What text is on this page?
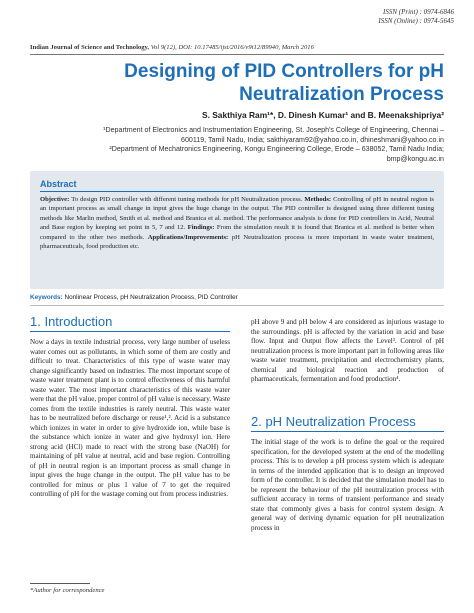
ISSN (Print) : 0974-6846
ISSN (Online) : 0974-5645
Indian Journal of Science and Technology, Vol 9(12), DOI: 10.17485/ijst/2016/v9i12/89940, March 2016
Designing of PID Controllers for pH
Neutralization Process
S. Sakthiya Ram¹*, D. Dinesh Kumar¹ and B. Meenakshipriya²

¹Department of Electronics and Instrumentation Engineering, St. Joseph's College of Engineering, Chennai – 600119, Tamil Nadu, India; sakthiyaram92@yahoo.co.in, dhineshmani@yahoo.co.in

²Department of Mechatronics Engineering, Kongu Engineering College, Erode – 638052, Tamil Nadu India; bmp@kongu.ac.in

Abstract
Objective: To design PID controller with different tuning methods for pH Neutralization process. Methods: Controlling of pH in neutral region is an important process as small change in input gives the huge change in the output. The PID controller is designed using three different tuning methods like Marlin method, Smith et al. method and Branica et al. method. The performance analysis is done for PID controllers in Acid, Neutral and Base region by keeping set point in 5, 7 and 12. Findings: From the simulation result it is found that Branica et al. method is better when compared to the other two methods. Applications/Improvements: pH Neutralization process is more important in waste water treatment, pharmaceuticals, food production etc.
Keywords: Nonlinear Process, pH Neutralization Process, PID Controller
1. Introduction

Now a days in textile industrial process, very large number of useless water comes out as pollutants, in which some of them are costly and difficult to treat. Characteristics of this type of waste water may change significantly based on industries. The most important scope of waste water treatment plant is to control effectiveness of this harmful waste water. The most important characteristics of this waste water were that the pH value, proper control of pH value is necessary. Waste comes from the textile industries is rarely neutral. This waste water has to be neutralized before discharge or reuse¹,². Acid is a substance which ionizes in water in order to give hydroxide ion, while base is the substance which ionize in water and give hydroxyl ion. Here strong acid (HCl) made to react with the strong base (NaOH) for maintaining of pH value at neutral, acid and base region. Controlling of pH in neutral region is an important process as small change in input gives the huge change in the output. The pH value has to be controlled for minus or plus 1 value of 7 to get the required controlling of pH for the wastage coming out from process industries.

pH above 9 and pH below 4 are considered as injurious wastage to the surroundings. pH is affected by the variation in acid and base flow. Input and Output flow affects the Level³. Control of pH neutralization process is more important part in following areas like waste water treatment, precipitation and electrochemistry plants, chemical and biological reaction and production of pharmaceuticals, fermentation and food production⁴.

2. pH Neutralization Process

The initial stage of the work is to define the goal or the required specification, for the developed system at the end of the modelling process. This is to develop a pH process system which is adequate in terms of the intended application that is to design an improved form of the controller. It is decided that the simulation model has to be represent the behaviour of the pH neutralization process with sufficient accuracy in terms of transient performance and steady state that commonly gives a basis for control system design. A general way of deriving dynamic equation for pH neutralization process in

*Author for correspondence
